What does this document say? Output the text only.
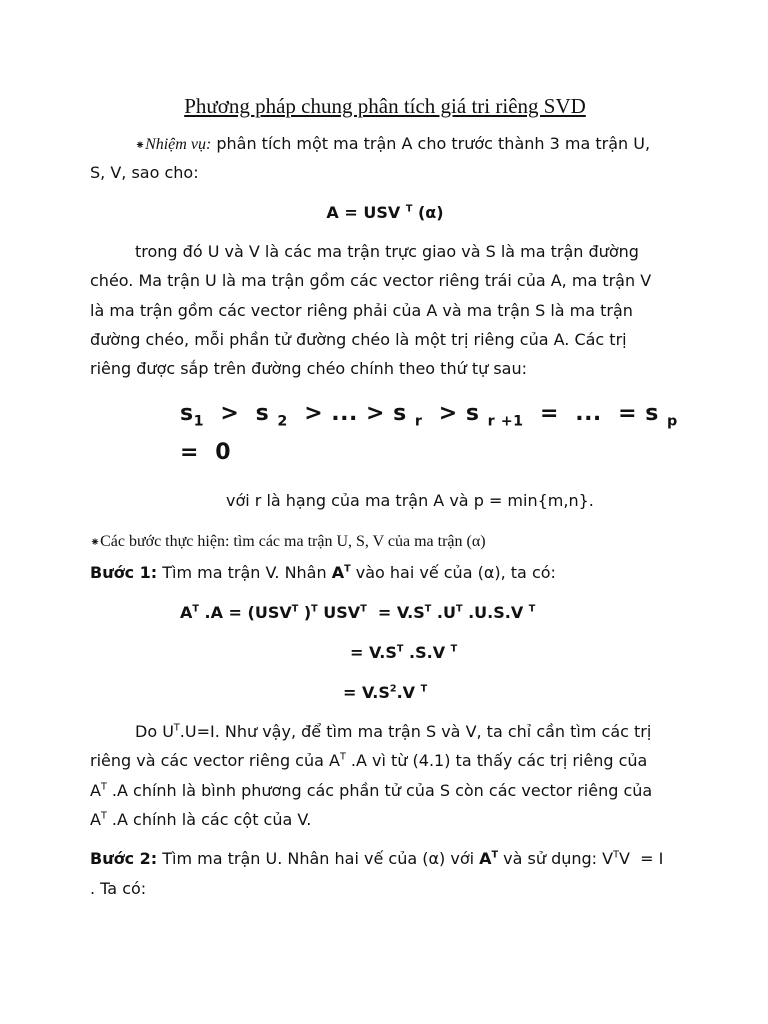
Phương pháp chung phân tích giá tri riêng SVD
⁕Nhiệm vụ: phân tích một ma trận A cho trước thành 3 ma trận U,
S, V, sao cho:
A = USV $^T$ (α)
trong đó U và V là các ma trận trực giao và S là ma trận đường
chéo. Ma trận U là ma trận gồm các vector riêng trái của A, ma trận V
là ma trận gồm các vector riêng phải của A và ma trận S là ma trận
đường chéo, mỗi phần tử đường chéo là một trị riêng của A. Các trị
riêng được sắp trên đường chéo chính theo thứ tự sau:
$s_1 > s$ $_2$  > ... > s $_r$  > s $_{r +1}$  =  ...  = s $_p$
=  0
với r là hạng của ma trận A và p = min{m,n}.
⁕Các bước thực hiện: tìm các ma trận U, S, V của ma trận (α)
Bước 1: Tìm ma trận V. Nhân $A^T$ vào hai vế của (α), ta có:
$A^T$ $.A = (USV^T$ )$^T$ $USV^T = V.S^T$ $.U^T$ .U.S.V $^T$
= $V.S^T$ .S.V $^T$
= $V.S^2.V$ $^T$
Do $U^T.U=I$. Như vậy, để tìm ma trận S và V, ta chỉ cần tìm các trị
riêng và các vector riêng của $A^T$ .A vì từ (4.1) ta thấy các trị riêng của
$A^T$ .A chính là bình phương các phần tử của S còn các vector riêng của
$A^T$ .A chính là các cột của V.
Bước 2: Tìm ma trận U. Nhân hai vế của (α) với $A^T$ và sử dụng: $V^TV = I$
. Ta có:
